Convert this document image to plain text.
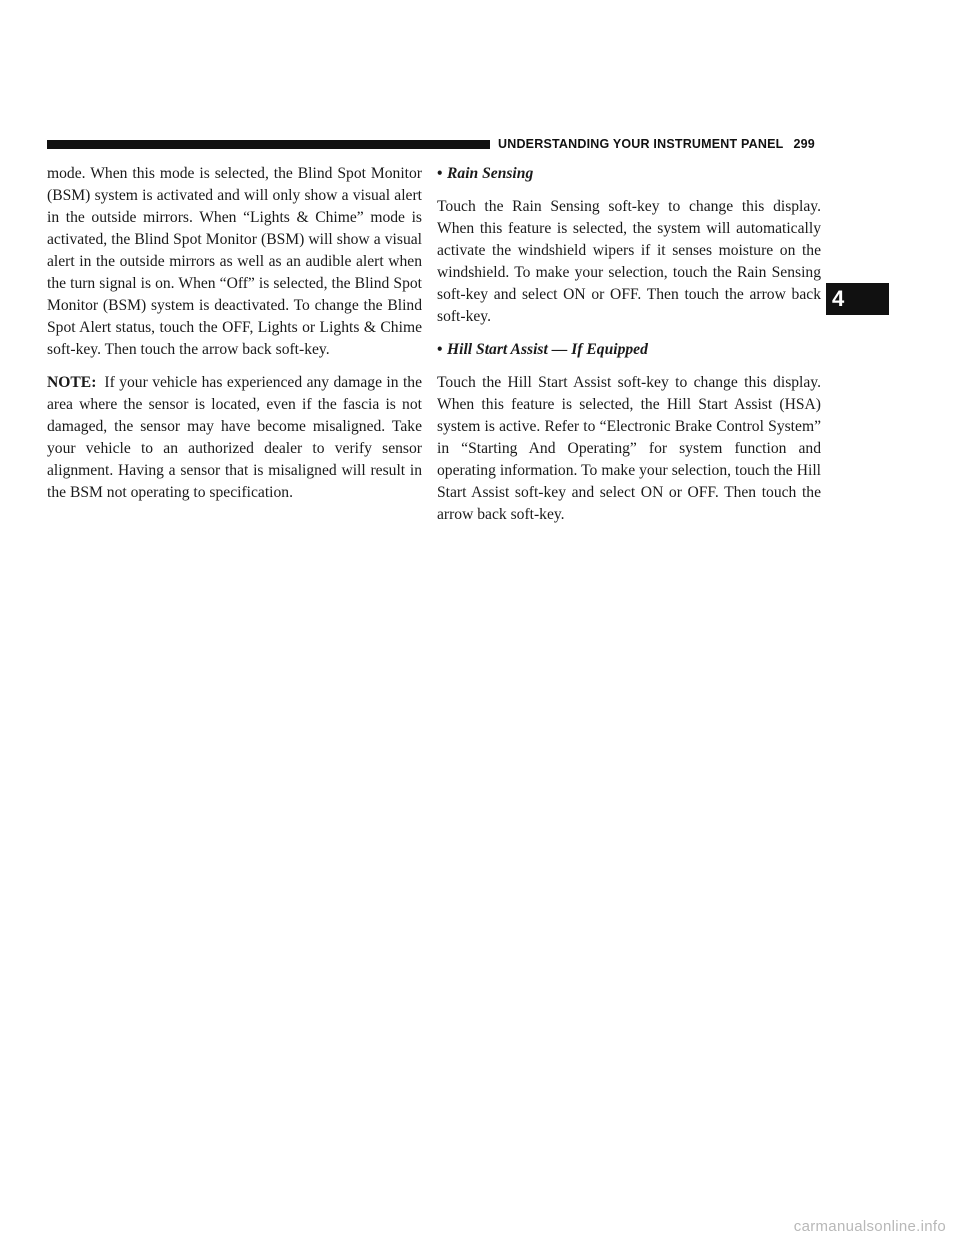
UNDERSTANDING YOUR INSTRUMENT PANEL 299

mode. When this mode is selected, the Blind Spot Monitor (BSM) system is activated and will only show a visual alert in the outside mirrors. When “Lights & Chime” mode is activated, the Blind Spot Monitor (BSM) will show a visual alert in the outside mirrors as well as an audible alert when the turn signal is on. When “Off” is selected, the Blind Spot Monitor (BSM) system is deactivated. To change the Blind Spot Alert status, touch the OFF, Lights or Lights & Chime soft-key. Then touch the arrow back soft-key.

NOTE: If your vehicle has experienced any damage in the area where the sensor is located, even if the fascia is not damaged, the sensor may have become misaligned. Take your vehicle to an authorized dealer to verify sensor alignment. Having a sensor that is misaligned will result in the BSM not operating to specification.

• Rain Sensing

Touch the Rain Sensing soft-key to change this display. When this feature is selected, the system will automatically activate the windshield wipers if it senses moisture on the windshield. To make your selection, touch the Rain Sensing soft-key and select ON or OFF. Then touch the arrow back soft-key.

• Hill Start Assist — If Equipped

Touch the Hill Start Assist soft-key to change this display. When this feature is selected, the Hill Start Assist (HSA) system is active. Refer to “Electronic Brake Control System” in “Starting And Operating” for system function and operating information. To make your selection, touch the Hill Start Assist soft-key and select ON or OFF. Then touch the arrow back soft-key.

4
carmanualsonline.info
